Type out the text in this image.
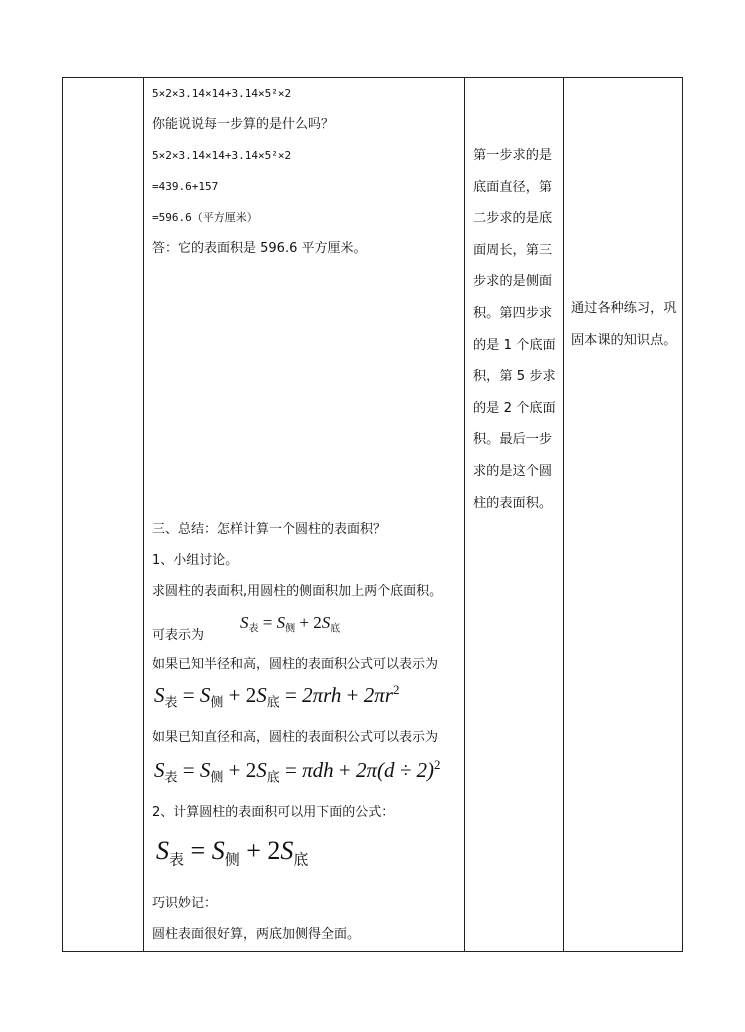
5×2×3.14×14+3.14×5²×2
你能说说每一步算的是什么吗？
5×2×3.14×14+3.14×5²×2
=439.6+157
=596.6（平方厘米）
答：它的表面积是 596.6 平方厘米。
三、总结：怎样计算一个圆柱的表面积？
1、小组讨论。
求圆柱的表面积,用圆柱的侧面积加上两个底面积。
可表示为
$S_表 = S_侧 + 2S_底$
如果已知半径和高，圆柱的表面积公式可以表示为
$S_表 = S_侧 + 2S_底 = 2\pi rh + 2\pi r^2$
如果已知直径和高，圆柱的表面积公式可以表示为
$S_表 = S_侧 + 2S_底 = \pi dh + 2\pi(d \div 2)^2$
2、计算圆柱的表面积可以用下面的公式：
$S_表 = S_侧 + 2S_底$
巧识妙记：
圆柱表面很好算，两底加侧得全面。
第一步求的是底面直径，第二步求的是底面周长，第三步求的是侧面积。第四步求的是 1 个底面积，第 5 步求的是 2 个底面积。最后一步求的是这个圆柱的表面积。
通过各种练习，巩固本课的知识点。
